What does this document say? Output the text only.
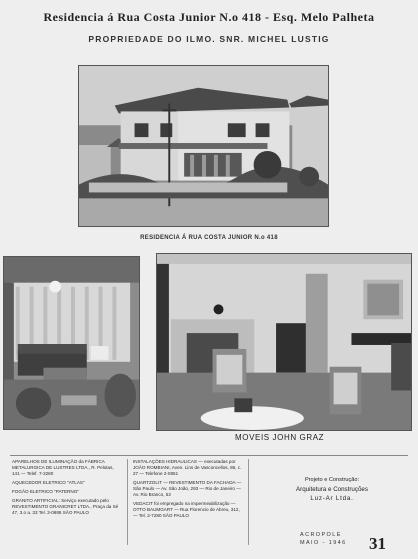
Residencia á Rua Costa Junior N.o 418 - Esq. Melo Palheta
PROPRIEDADE DO ILMO. SNR. MICHEL LUSTIG
RESIDENCIA Á RUA COSTA JUNIOR N.o 418
MOVEIS JOHN GRAZ

APARELHOS DE ILUMINAÇÃO da FÁBRICA METALURGICA DE LUSTRES LTDA., R. Pelotas, 141 — Telef. 7-2280

AQUECEDOR ELETRICO "ATLAS"

FOGÃO ELETRICO "PATERNO"

GRANITO ARTIFICIAL: Serviço executado pelo REVESTIMENTO GRANICRET LTDA., Praça da Sé 47, 3.o a. 33 Tel. 3-0686 SÃO PAULO

INSTALAÇÕES HIDRAULICAS — executadas por JOÃO ROMBIANI, Aven. Lins de Vasconcellos, 86, c. 27 — Telefone 2-0851

QUARTZOLIT — REVESTIMENTO DA FACHADA — São Paulo — Av. São João, 293 — Rio de Janeiro — Av. Rio Branco, 52

VEDACIT foi empregado na impermeabilização — OTTO BAUMGART — Rua Florencio de Abreu, 312, — Tel. 2-7280 SÃO PAULO

Projeto e Construção:
Arquitetura e Construções
Luz-Ar Ltda.
ACROPOLE
MAIO - 1946 31
